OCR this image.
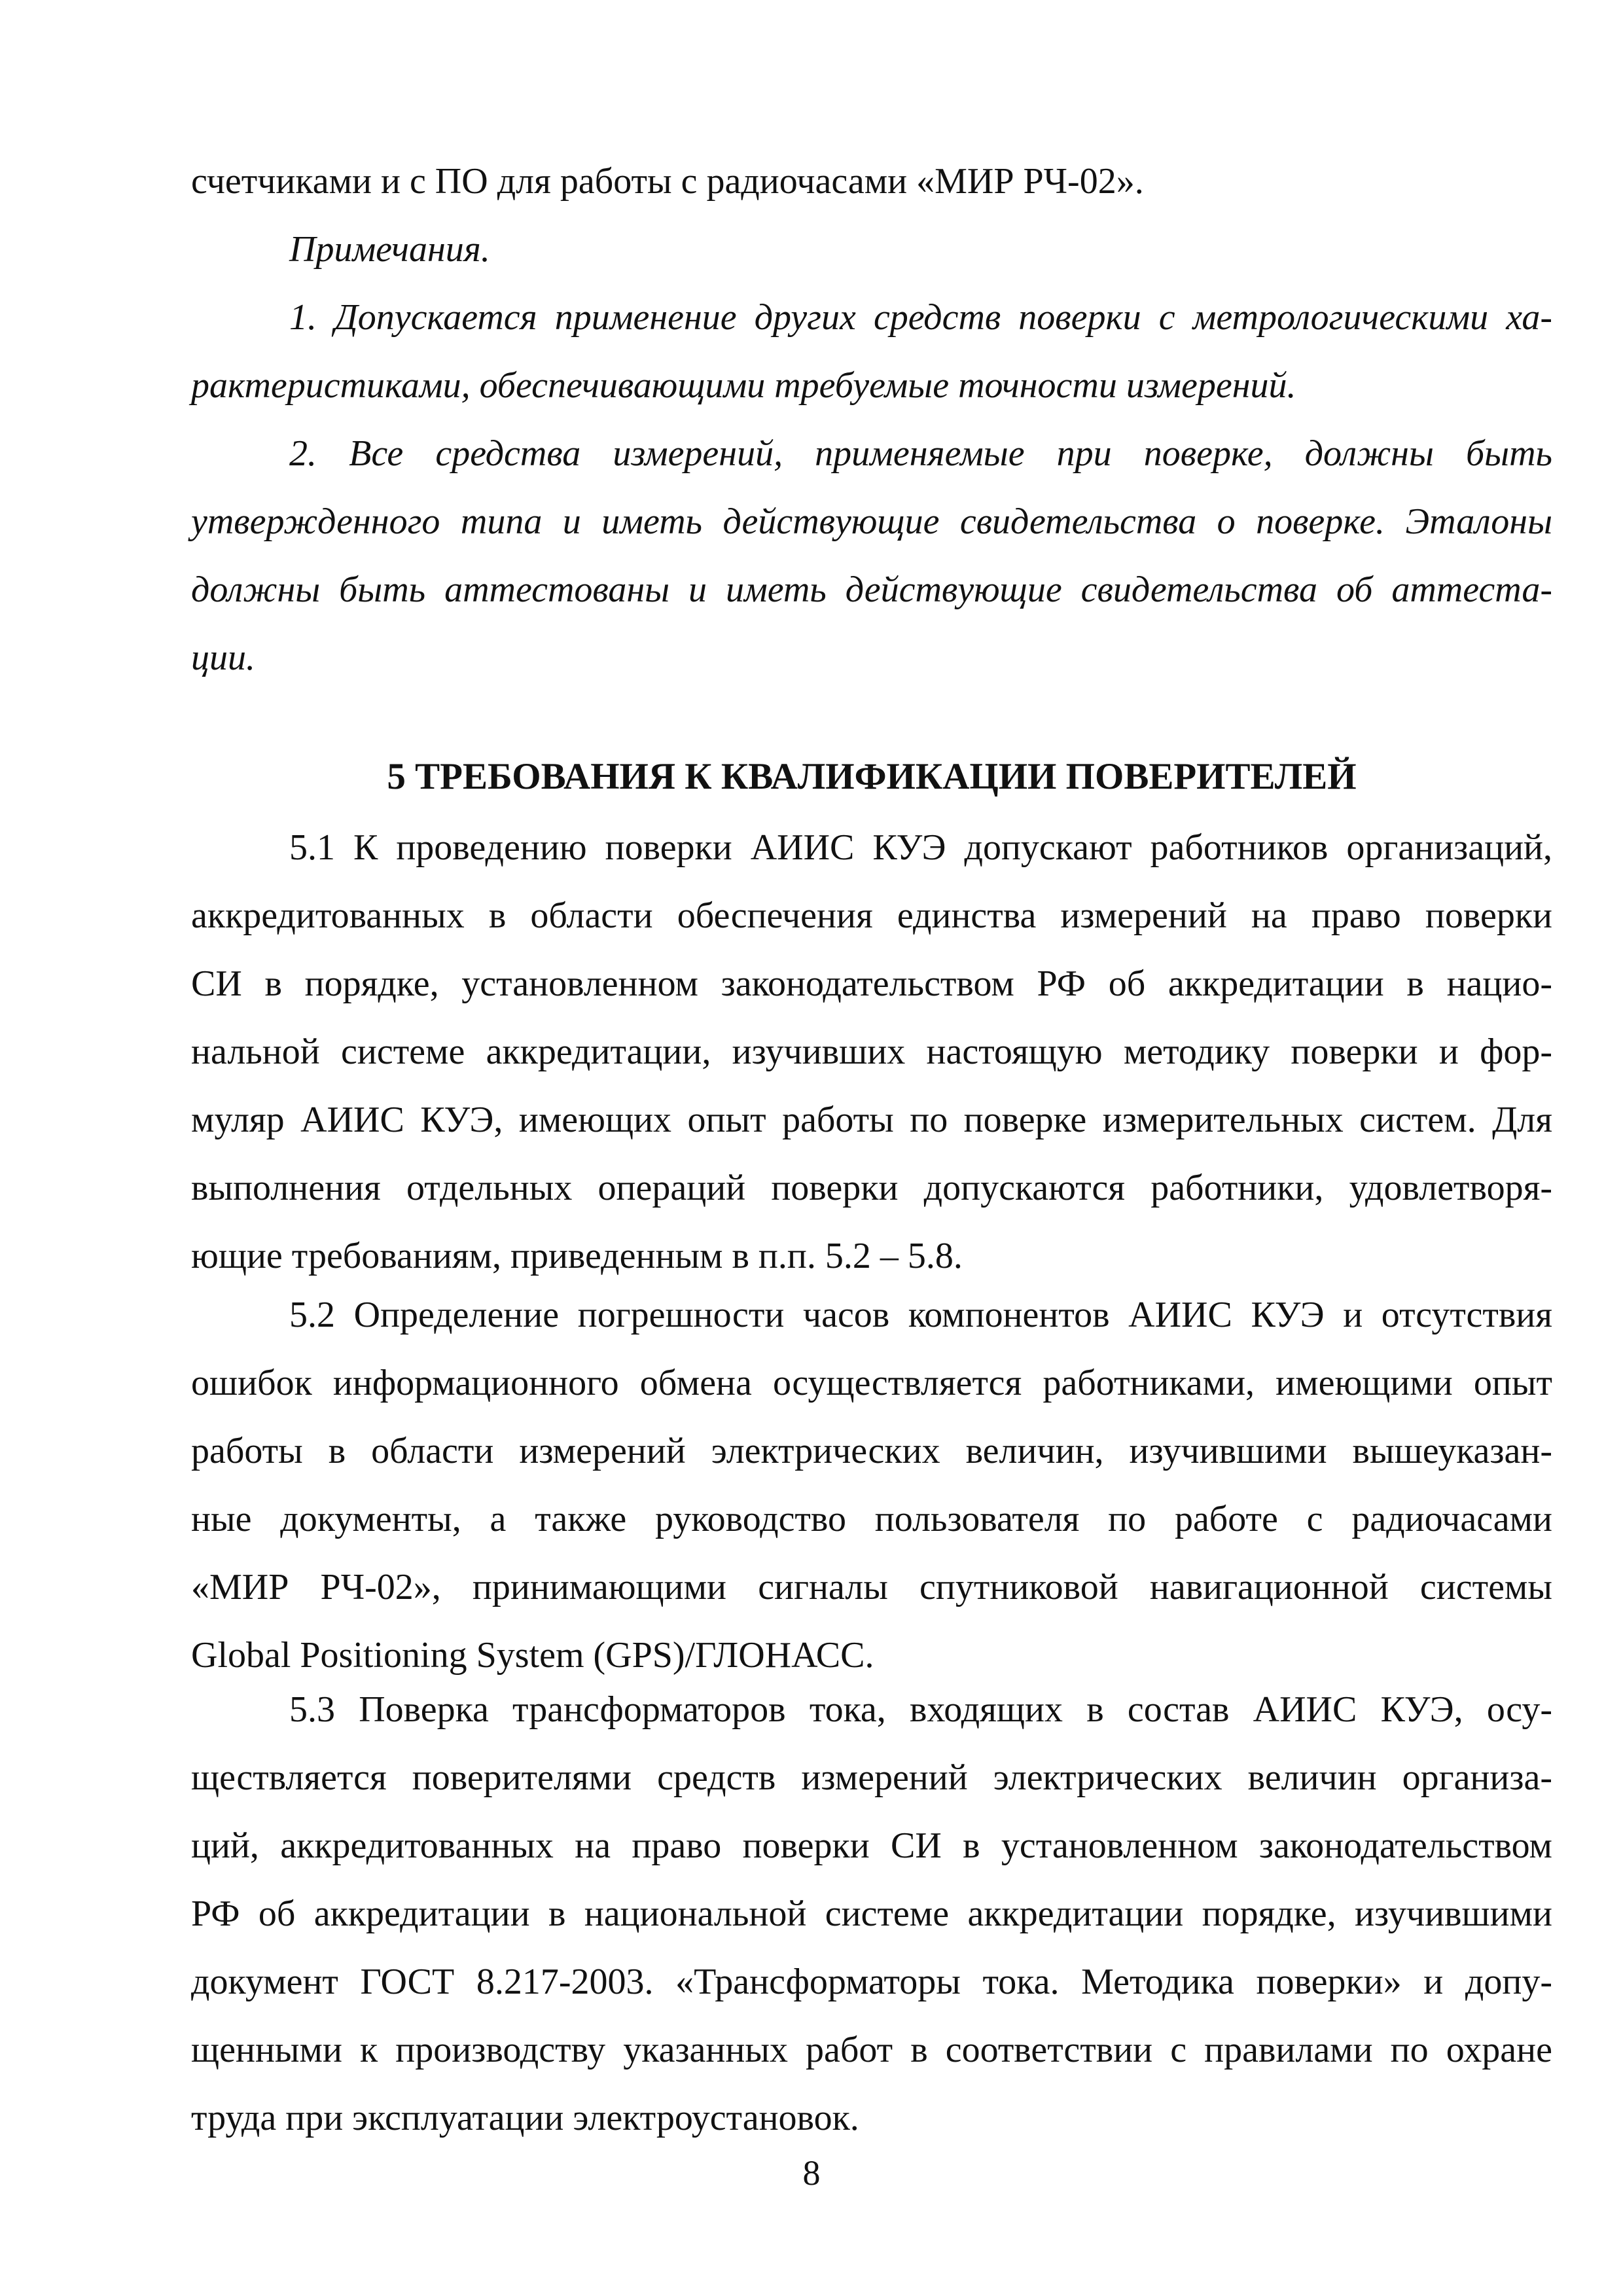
счетчиками и с ПО для работы с радиочасами «МИР РЧ-02».
Примечания.
1. Допускается применение других средств поверки с метрологическими ха-
рактеристиками, обеспечивающими требуемые точности измерений.
2. Все средства измерений, применяемые при поверке, должны быть
утвержденного типа и иметь действующие свидетельства о поверке. Эталоны
должны быть аттестованы и иметь действующие свидетельства об аттеста-
ции.
5 ТРЕБОВАНИЯ К КВАЛИФИКАЦИИ ПОВЕРИТЕЛЕЙ
5.1 К проведению поверки АИИС КУЭ допускают работников организаций,
аккредитованных в области обеспечения единства измерений на право поверки
СИ в порядке, установленном законодательством РФ об аккредитации в нацио-
нальной системе аккредитации, изучивших настоящую методику поверки и фор-
муляр АИИС КУЭ, имеющих опыт работы по поверке измерительных систем. Для
выполнения отдельных операций поверки допускаются работники, удовлетворя-
ющие требованиям, приведенным в п.п. 5.2 – 5.8.
5.2 Определение погрешности часов компонентов АИИС КУЭ и отсутствия
ошибок информационного обмена осуществляется работниками, имеющими опыт
работы в области измерений электрических величин, изучившими вышеуказан-
ные документы, а также руководство пользователя по работе с радиочасами
«МИР РЧ-02», принимающими сигналы спутниковой навигационной системы
Global Positioning System (GPS)/ГЛОНАСС.
5.3 Поверка трансформаторов тока, входящих в состав АИИС КУЭ, осу-
ществляется поверителями средств измерений электрических величин организа-
ций, аккредитованных на право поверки СИ в установленном законодательством
РФ об аккредитации в национальной системе аккредитации порядке, изучившими
документ ГОСТ 8.217-2003. «Трансформаторы тока. Методика поверки» и допу-
щенными к производству указанных работ в соответствии с правилами по охране
труда при эксплуатации электроустановок.
8
